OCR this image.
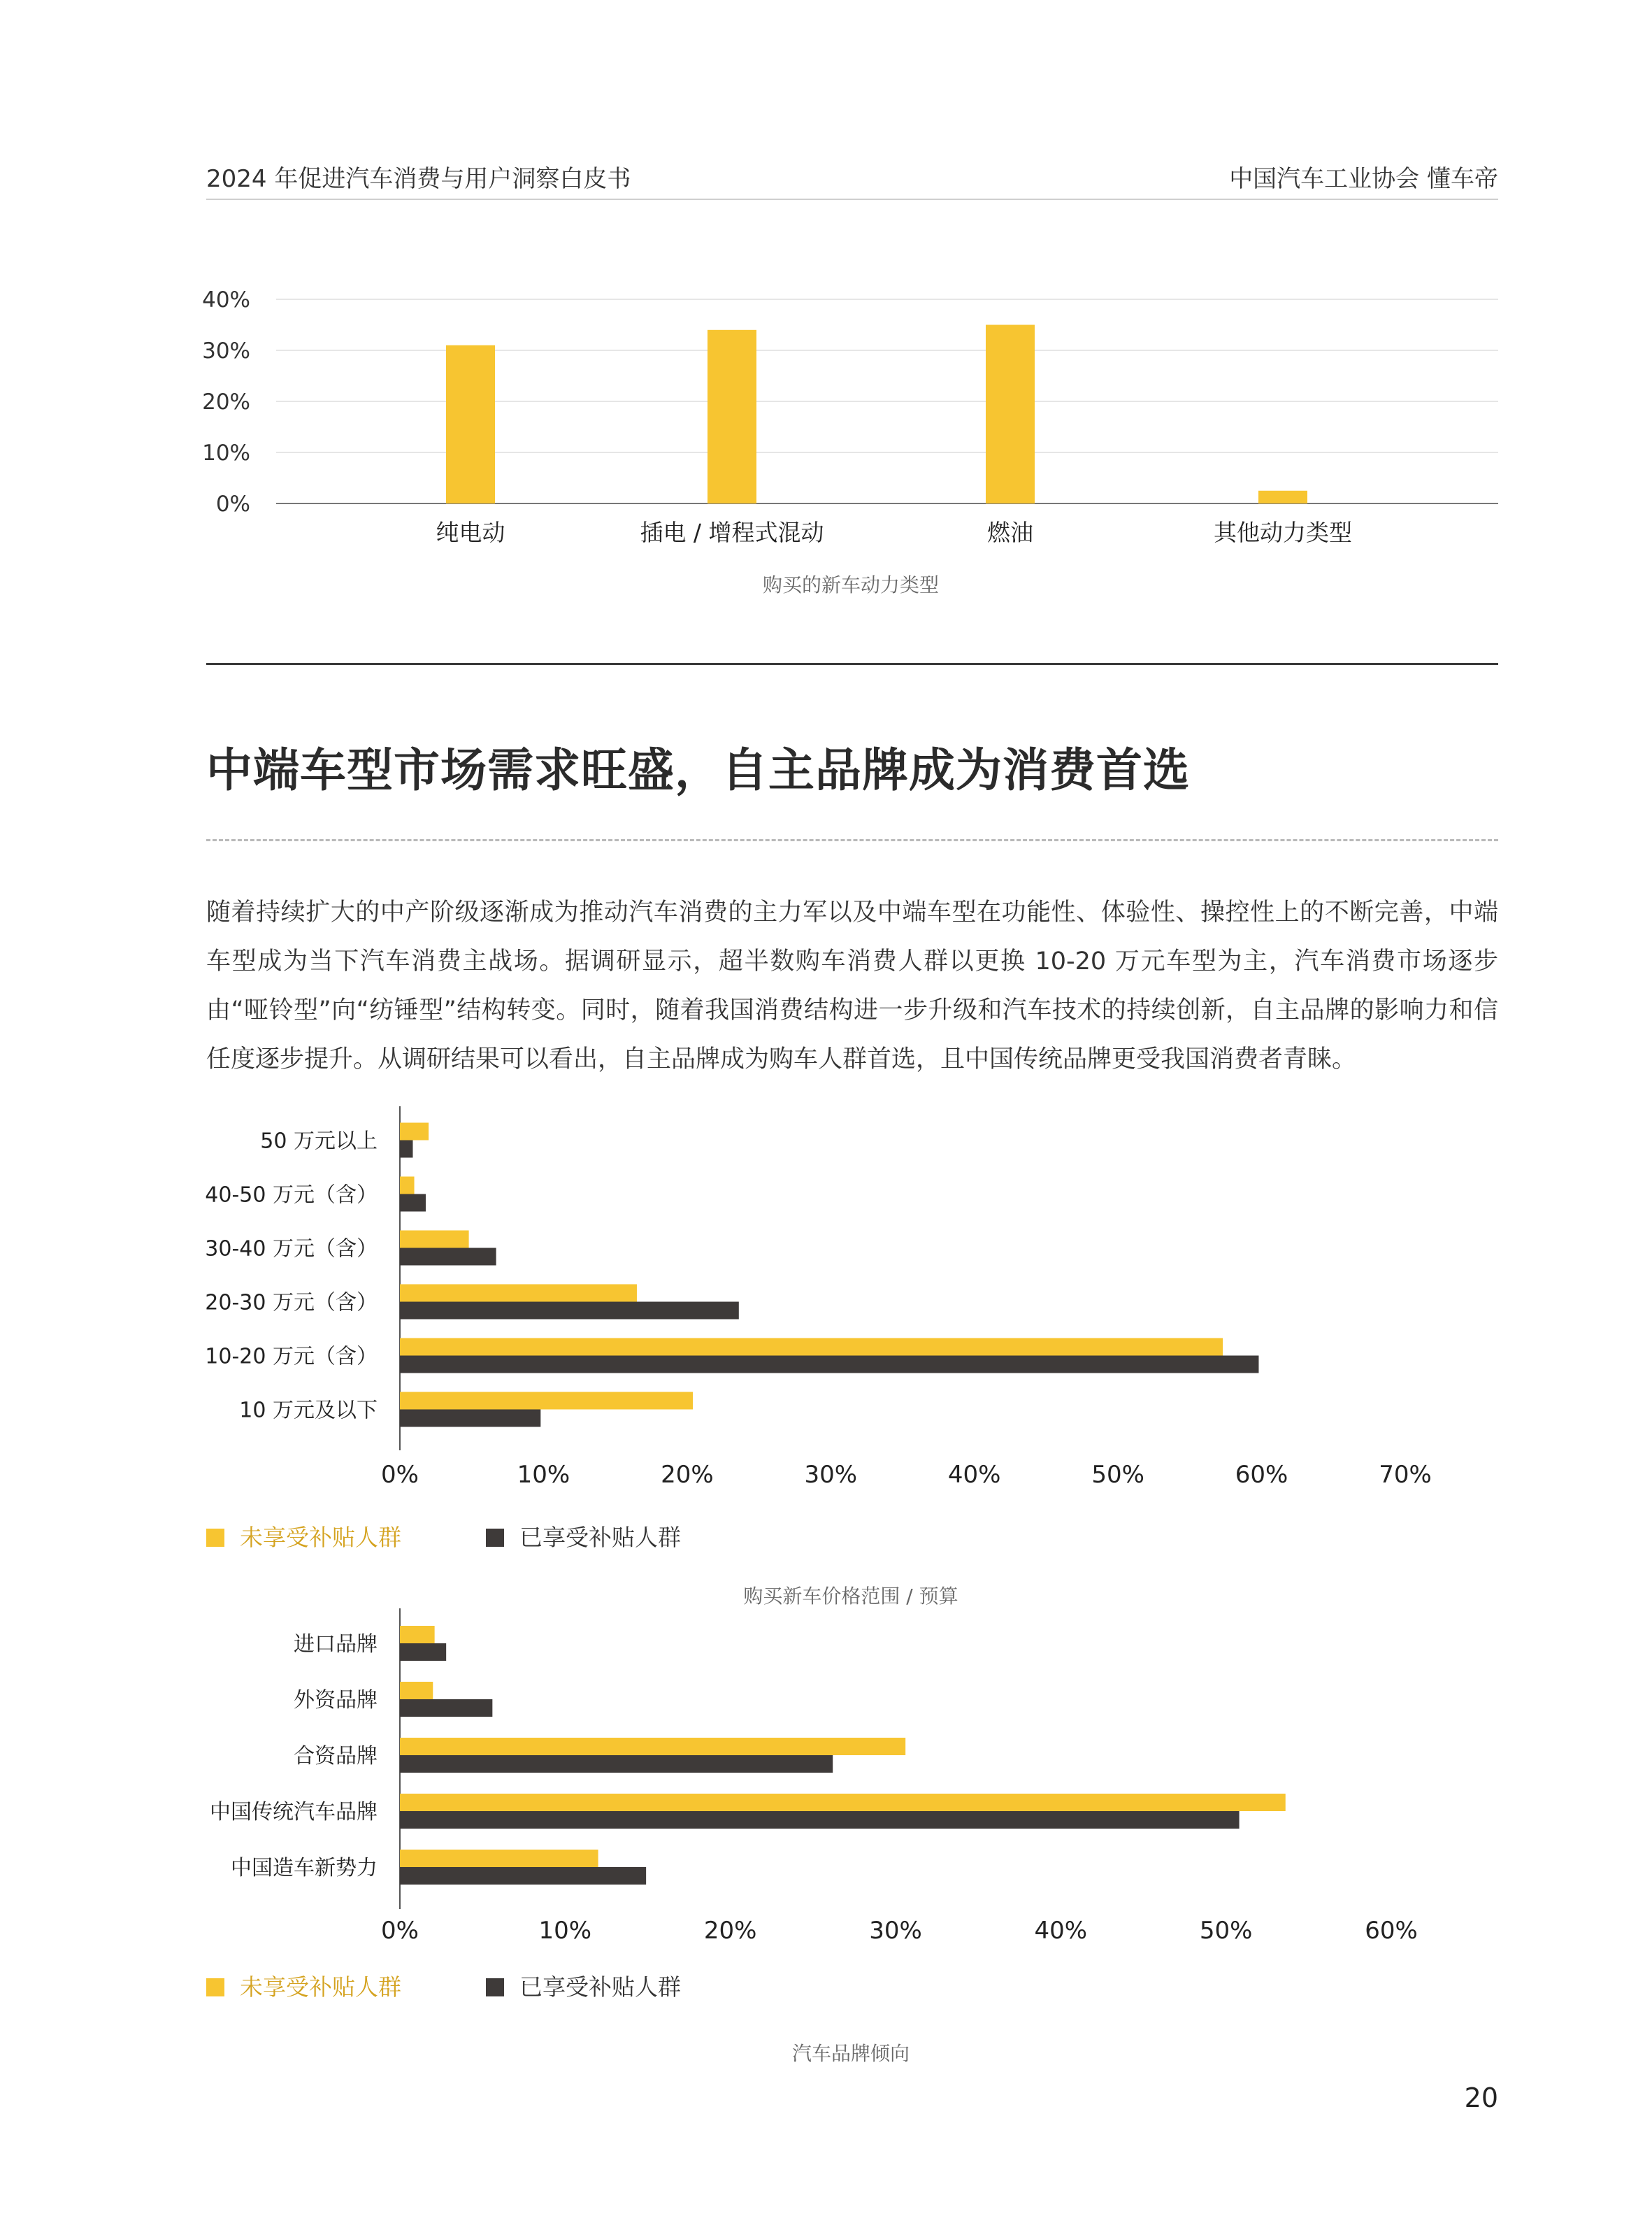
2024 年促进汽车消费与用户洞察白皮书	中国汽车工业协会 懂车帝
0%
10%
20%
30%
40%
纯电动	插电 / 增程式混动	燃油	其他动力类型
购买的新车动力类型
中端车型市场需求旺盛，自主品牌成为消费首选

随着持续扩大的中产阶级逐渐成为推动汽车消费的主力军以及中端车型在功能性、体验性、操控性上的不断完善，中端车型成为当下汽车消费主战场。据调研显示，超半数购车消费人群以更换 10-20 万元车型为主，汽车消费市场逐步由“哑铃型”向“纺锤型”结构转变。同时，随着我国消费结构进一步升级和汽车技术的持续创新，自主品牌的影响力和信任度逐步提升。从调研结果可以看出，自主品牌成为购车人群首选，且中国传统品牌更受我国消费者青睐。

50 万元以上
40-50 万元（含）
30-40 万元（含）
20-30 万元（含）
10-20 万元（含）
10 万元及以下
0%	10%	20%	30%	40%	50%	60%	70%
未享受补贴人群	已享受补贴人群
购买新车价格范围 / 预算
进口品牌
外资品牌
合资品牌
中国传统汽车品牌
中国造车新势力
0%	10%	20%	30%	40%	50%	60%
未享受补贴人群	已享受补贴人群
汽车品牌倾向
20
